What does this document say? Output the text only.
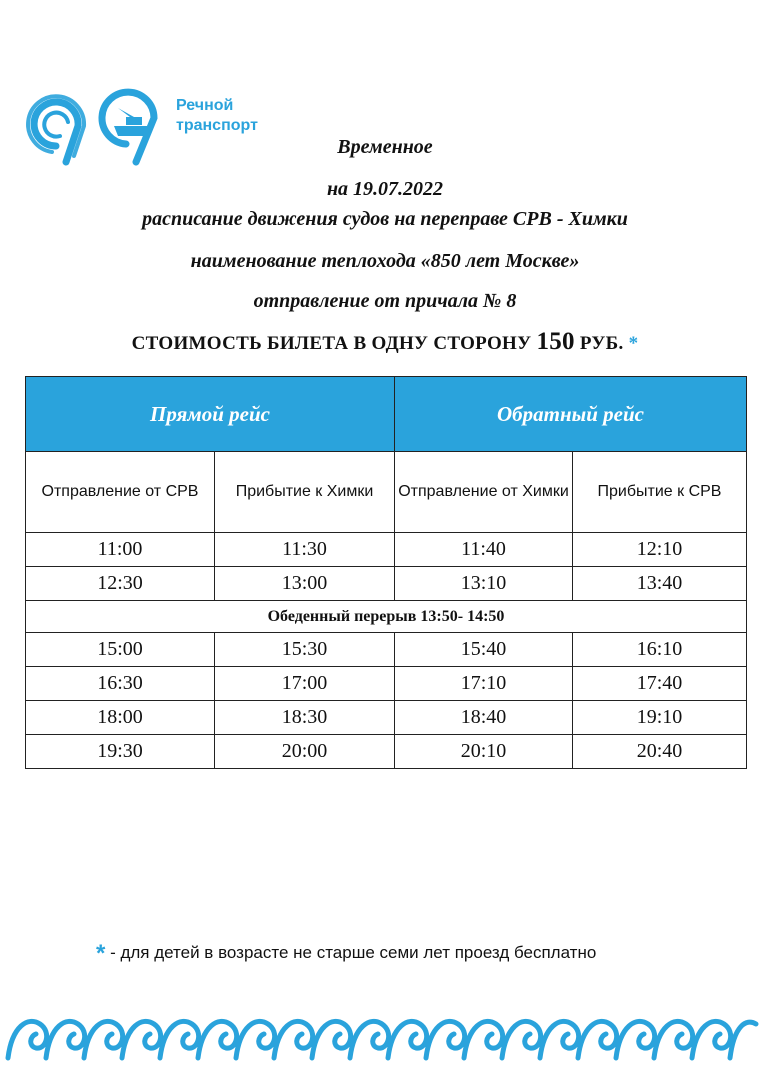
Речной
транспорт
Временное
на 19.07.2022
расписание движения судов на переправе СРВ - Химки
наименование теплохода «850 лет Москве»
отправление от причала № 8
СТОИМОСТЬ БИЛЕТА В ОДНУ СТОРОНУ 150 РУБ. *
Прямой рейс		Обратный рейс	
Отправление от СРВ	Прибытие к Химки	Отправление от Химки	Прибытие к СРВ
11:00	11:30	11:40	12:10
12:30	13:00	13:10	13:40
Обеденный перерыв 13:50- 14:50			
15:00	15:30	15:40	16:10
16:30	17:00	17:10	17:40
18:00	18:30	18:40	19:10
19:30	20:00	20:10	20:40
* - для детей в возрасте не старше семи лет проезд бесплатно
